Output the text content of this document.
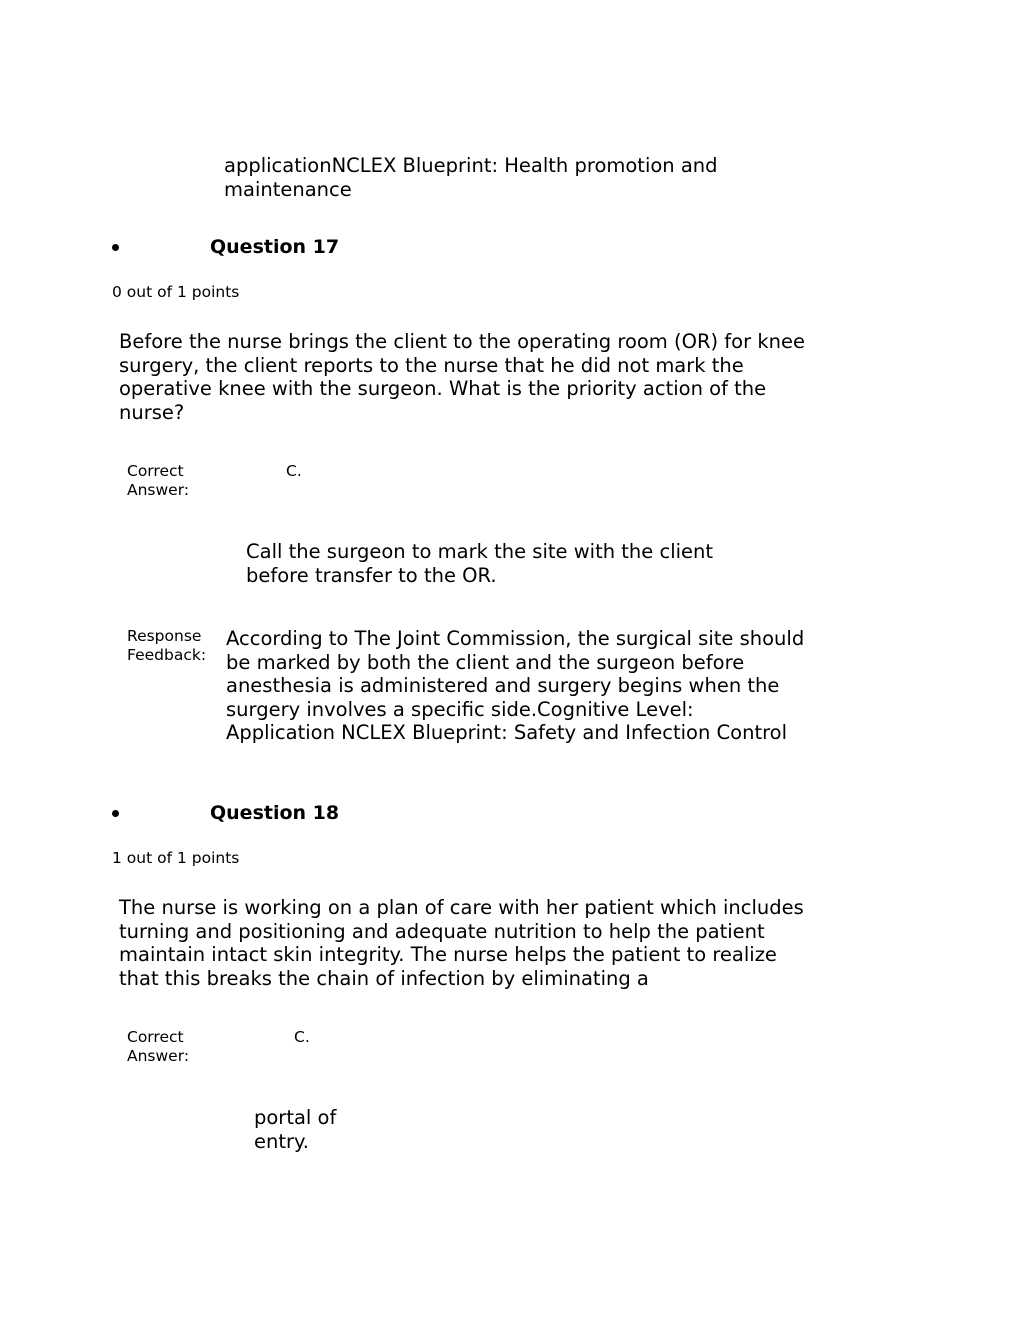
applicationNCLEX Blueprint: Health promotion and maintenance
Question 17
0 out of 1 points
Before the nurse brings the client to the operating room (OR) for knee surgery, the client reports to the nurse that he did not mark the operative knee with the surgeon. What is the priority action of the nurse?
Correct Answer:
C.
Call the surgeon to mark the site with the client before transfer to the OR.
Response Feedback:
According to The Joint Commission, the surgical site should be marked by both the client and the surgeon before anesthesia is administered and surgery begins when the surgery involves a specific side.Cognitive Level: Application NCLEX Blueprint: Safety and Infection Control
Question 18
1 out of 1 points
The nurse is working on a plan of care with her patient which includes turning and positioning and adequate nutrition to help the patient maintain intact skin integrity. The nurse helps the patient to realize that this breaks the chain of infection by eliminating a
Correct Answer:
C.
portal of entry.
